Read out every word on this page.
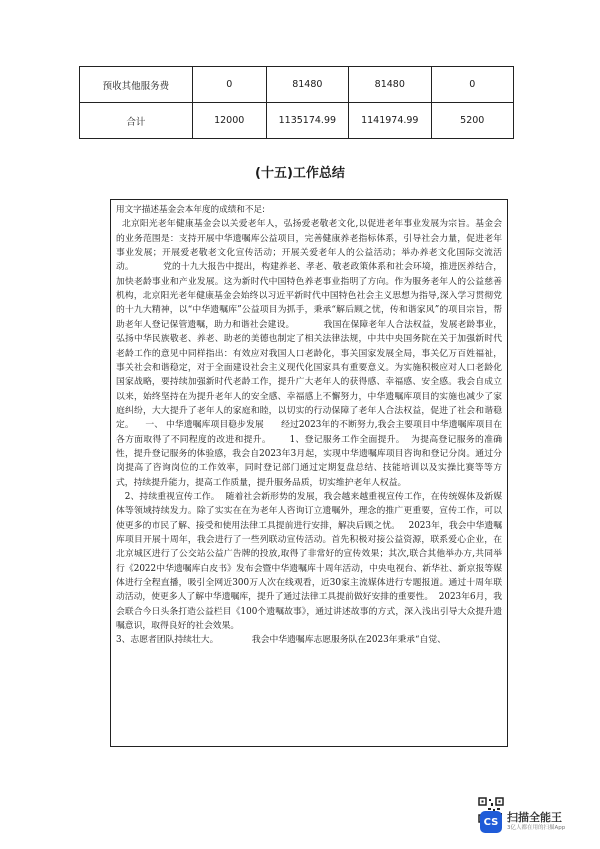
预收其他服务费	0	81480	81480	0
合计	12000	1135174.99	1141974.99	5200
(十五)工作总结
用文字描述基金会本年度的成绩和不足:
北京阳光老年健康基金会以关爱老年人，弘扬爱老敬老文化,以促进老年事业发展为宗旨。基金会的业务范围是：支持开展中华遗嘱库公益项目，完善健康养老指标体系，引导社会力量，促进老年事业发展；开展爱老敬老文化宣传活动；开展关爱老年人的公益活动；举办养老文化国际交流活动。          党的十九大报告中提出，构建养老、孝老、敬老政策体系和社会环境，推进医养结合，加快老龄事业和产业发展。这为新时代中国特色养老事业指明了方向。作为服务老年人的公益慈善机构，北京阳光老年健康基金会始终以习近平新时代中国特色社会主义思想为指导,深入学习贯彻党的十九大精神，以“中华遗嘱库”公益项目为抓手，秉承“解后顾之忧，传和谐家风”的项目宗旨，帮助老年人登记保管遗嘱，助力和谐社会建设。          我国在保障老年人合法权益，发展老龄事业，弘扬中华民族敬老、养老、助老的美德也制定了相关法律法规，中共中央国务院在关于加强新时代老龄工作的意见中同样指出：有效应对我国人口老龄化，事关国家发展全局，事关亿万百姓福祉，事关社会和谐稳定，对于全面建设社会主义现代化国家具有重要意义。为实施积极应对人口老龄化国家战略，要持续加强新时代老龄工作，提升广大老年人的获得感、幸福感、安全感。我会自成立以来，始终坚持在为提升老年人的安全感、幸福感上不懈努力，中华遗嘱库项目的实施也减少了家庭纠纷，大大提升了老年人的家庭和睦，以切实的行动保障了老年人合法权益，促进了社会和谐稳定。    一、 中华遗嘱库项目稳步发展      经过2023年的不断努力,我会主要项目中华遗嘱库项目在各方面取得了不同程度的改进和提升。      1、登记服务工作全面提升。  为提高登记服务的准确性，提升登记服务的体验感，我会自2023年3月起，实现中华遗嘱库项目咨询和登记分岗。通过分岗提高了咨询岗位的工作效率，同时登记部门通过定期复盘总结、技能培训以及实操比赛等等方式，持续提升能力，提高工作质量，提升服务品质，切实维护老年人权益。
2、持续重视宣传工作。  随着社会新形势的发展，我会越来越重视宣传工作，在传统媒体及新媒体等领域持续发力。除了实实在在为老年人咨询订立遗嘱外，理念的推广更重要，宣传工作，可以使更多的市民了解、接受和使用法律工具提前进行安排，解决后顾之忧。   2023年，我会中华遗嘱库项目开展十周年，我会进行了一些列联动宣传活动。首先积极对接公益资源，联系爱心企业，在北京城区进行了公交站公益广告牌的投放,取得了非常好的宣传效果；其次,联合其他举办方,共同举行《2022中华遗嘱库白皮书》发布会暨中华遗嘱库十周年活动，中央电视台、新华社、新京报等媒体进行全程直播，吸引全网近300万人次在线观看，近30家主流媒体进行专题报道。通过十周年联动活动，使更多人了解中华遗嘱库，提升了通过法律工具提前做好安排的重要性。  2023年6月，我会联合今日头条打造公益栏目《100个遗嘱故事》，通过讲述故事的方式，深入浅出引导大众提升遗嘱意识，取得良好的社会效果。
3、志愿者团队持续壮大。            我会中华遗嘱库志愿服务队在2023年秉承“自觉、
CS 扫描全能王
3亿人都在用的扫描App
